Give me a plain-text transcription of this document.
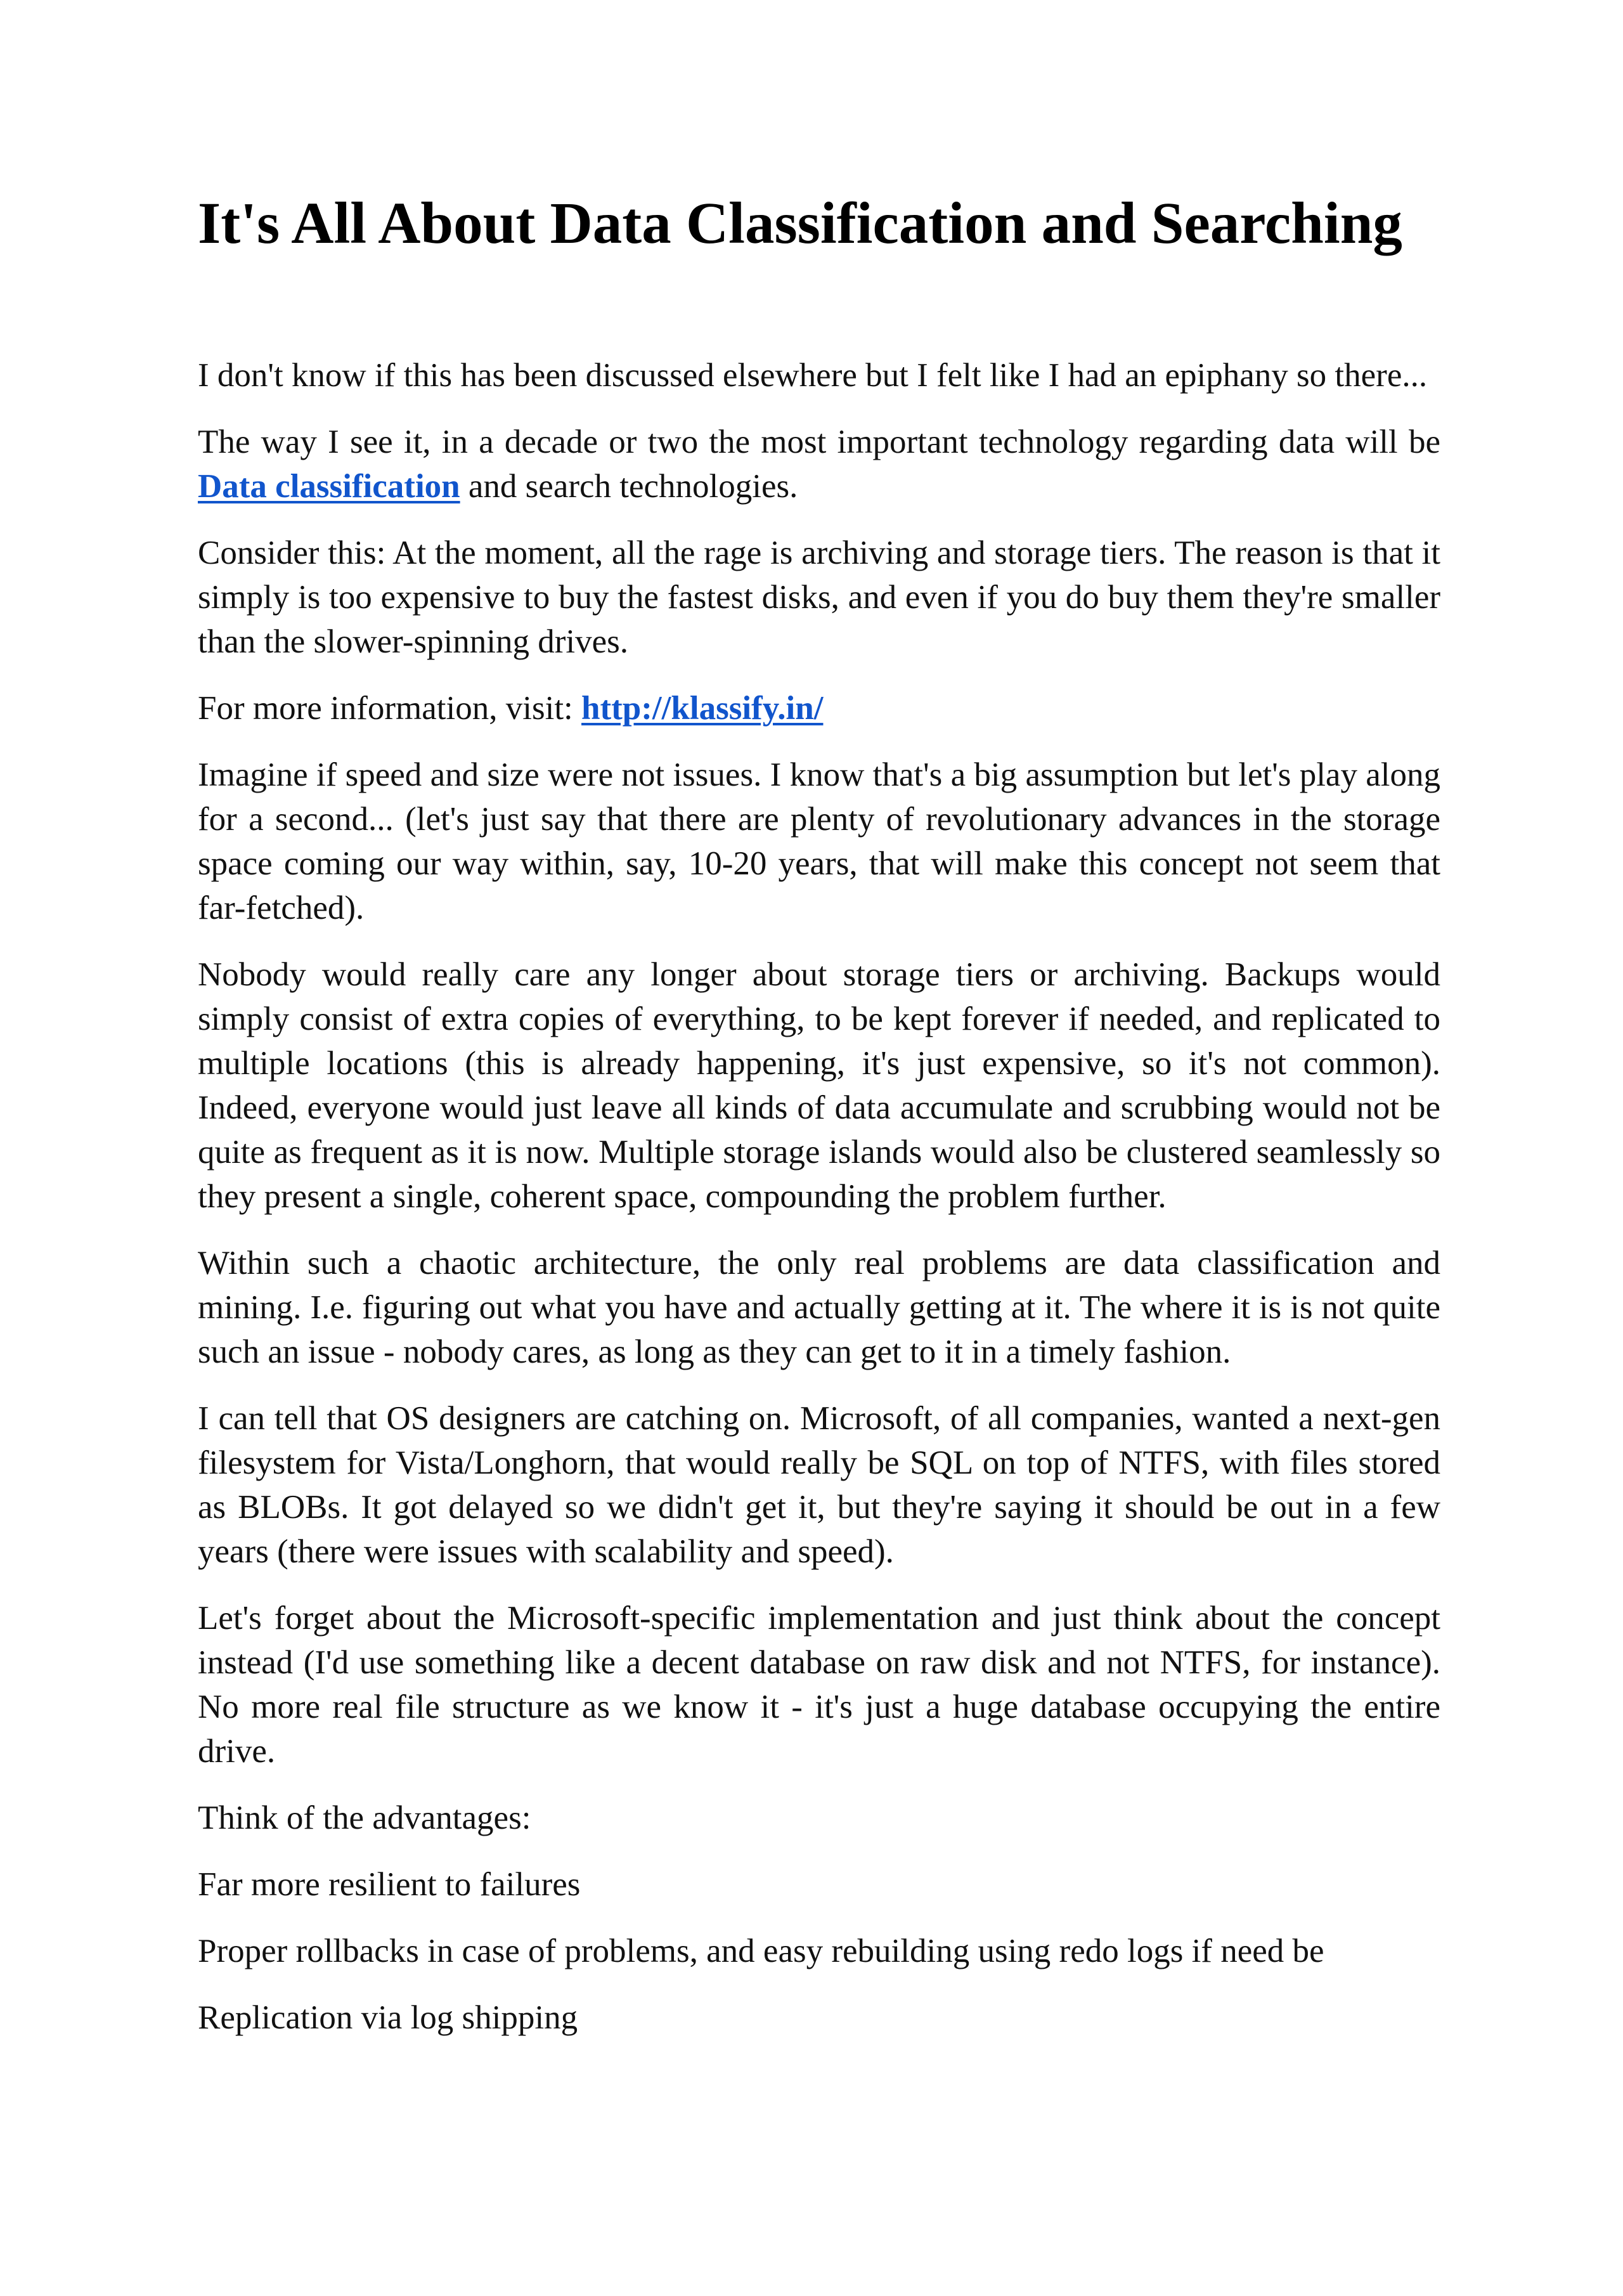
It's All About Data Classification and Searching

I don't know if this has been discussed elsewhere but I felt like I had an epiphany so there...

The way I see it, in a decade or two the most important technology regarding data will be Data classification and search technologies.

Consider this: At the moment, all the rage is archiving and storage tiers. The reason is that it simply is too expensive to buy the fastest disks, and even if you do buy them they're smaller than the slower-spinning drives.

For more information, visit: http://klassify.in/

Imagine if speed and size were not issues. I know that's a big assumption but let's play along for a second... (let's just say that there are plenty of revolutionary advances in the storage space coming our way within, say, 10-20 years, that will make this concept not seem that far-fetched).

Nobody would really care any longer about storage tiers or archiving. Backups would simply consist of extra copies of everything, to be kept forever if needed, and replicated to multiple locations (this is already happening, it's just expensive, so it's not common). Indeed, everyone would just leave all kinds of data accumulate and scrubbing would not be quite as frequent as it is now. Multiple storage islands would also be clustered seamlessly so they present a single, coherent space, compounding the problem further.

Within such a chaotic architecture, the only real problems are data classification and mining. I.e. figuring out what you have and actually getting at it. The where it is is not quite such an issue - nobody cares, as long as they can get to it in a timely fashion.

I can tell that OS designers are catching on. Microsoft, of all companies, wanted a next-gen filesystem for Vista/Longhorn, that would really be SQL on top of NTFS, with files stored as BLOBs. It got delayed so we didn't get it, but they're saying it should be out in a few years (there were issues with scalability and speed).

Let's forget about the Microsoft-specific implementation and just think about the concept instead (I'd use something like a decent database on raw disk and not NTFS, for instance). No more real file structure as we know it - it's just a huge database occupying the entire drive.

Think of the advantages:

Far more resilient to failures

Proper rollbacks in case of problems, and easy rebuilding using redo logs if need be

Replication via log shipping
